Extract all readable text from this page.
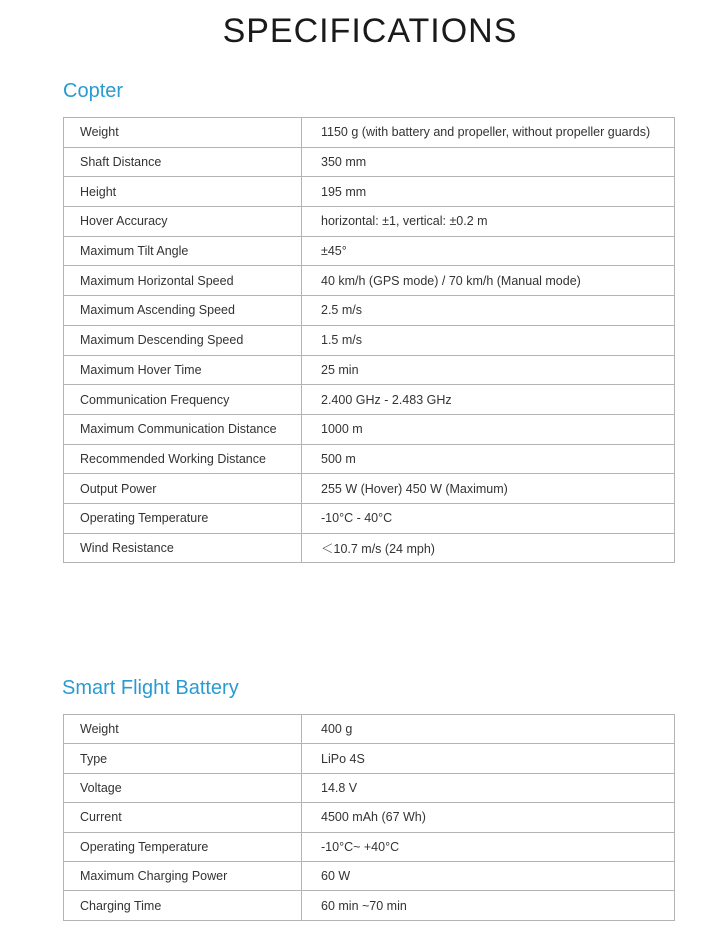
SPECIFICATIONS
Copter
Weight	1150 g (with battery and propeller, without propeller guards)
Shaft Distance	350 mm
Height	195 mm
Hover Accuracy	horizontal: ±1, vertical: ±0.2 m
Maximum Tilt Angle	±45°
Maximum Horizontal Speed	40 km/h (GPS mode) / 70 km/h (Manual mode)
Maximum Ascending Speed	2.5 m/s
Maximum Descending Speed	1.5 m/s
Maximum Hover Time	25 min
Communication Frequency	2.400 GHz - 2.483 GHz
Maximum Communication Distance	1000 m
Recommended Working Distance	500 m
Output Power	255 W (Hover) 450 W (Maximum)
Operating Temperature	-10°C - 40°C
Wind Resistance	＜10.7 m/s (24 mph)
Smart Flight Battery
Weight	400 g
Type	LiPo 4S
Voltage	14.8 V
Current	4500 mAh (67 Wh)
Operating Temperature	-10°C~ +40°C
Maximum Charging Power	60 W
Charging Time	60 min ~70 min
